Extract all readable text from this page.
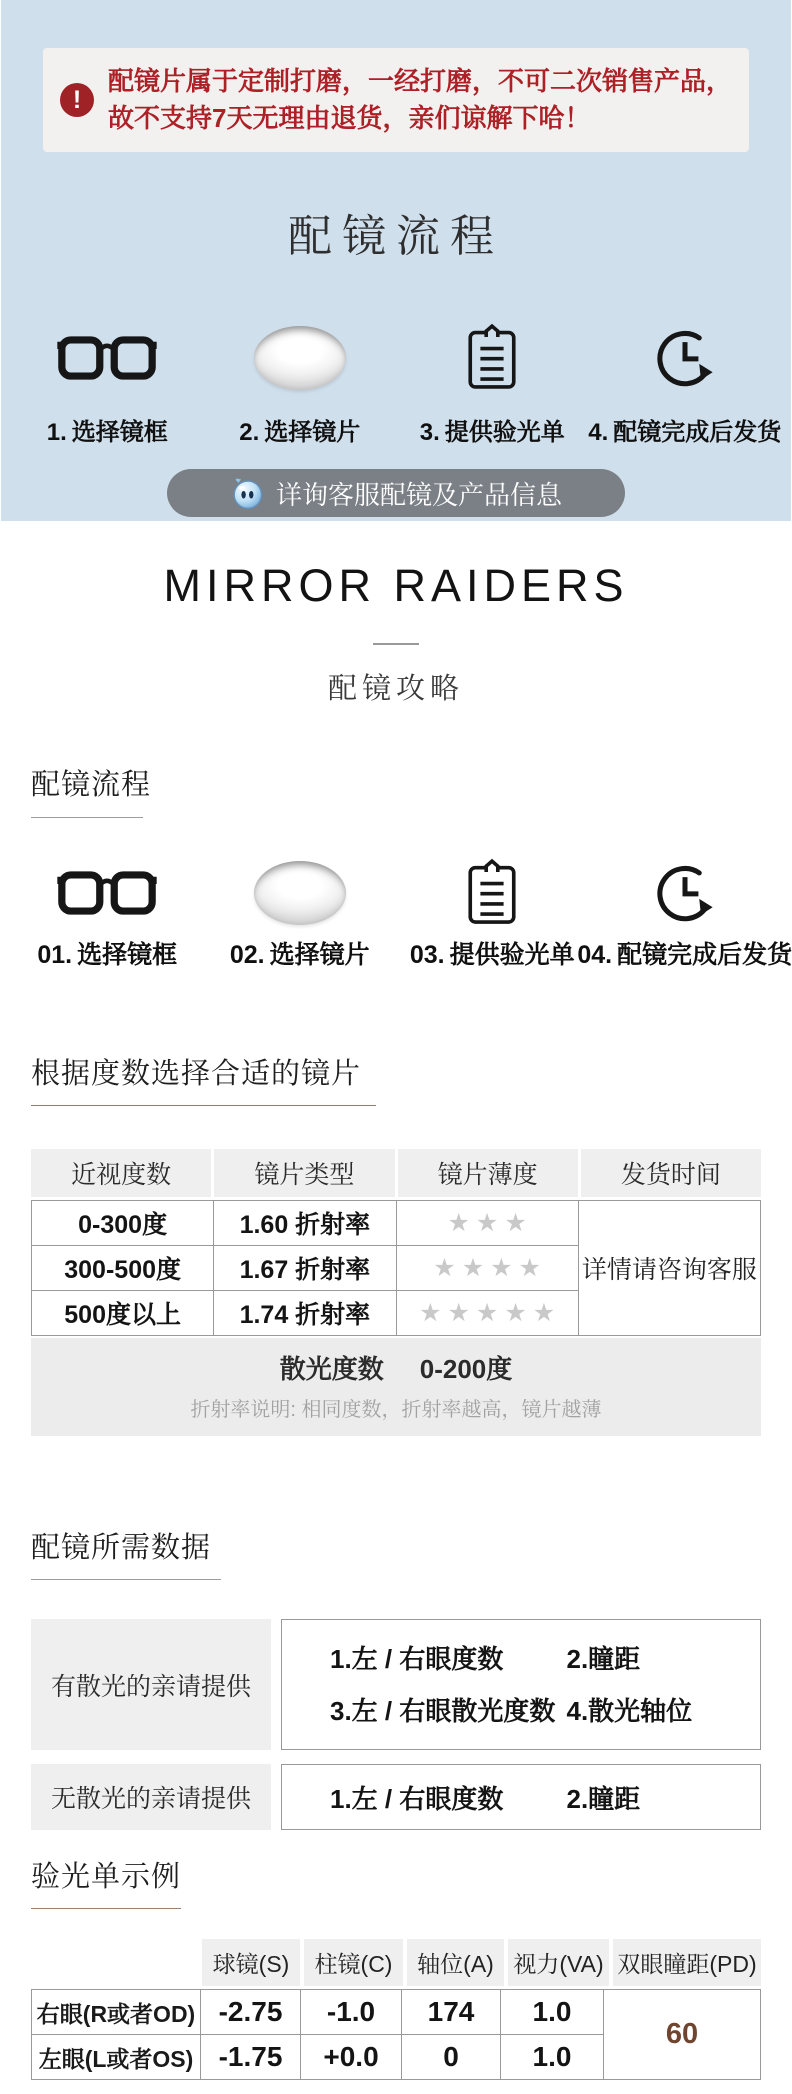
!
配镜片属于定制打磨，一经打磨，不可二次销售产品，
故不支持7天无理由退货，亲们谅解下哈！
配镜流程
1. 选择镜框	2. 选择镜片 3. 提供验光单 4. 配镜完成后发货
详询客服配镜及产品信息
MIRROR RAIDERS
配镜攻略
配镜流程
01. 选择镜框 02. 选择镜片 03. 提供验光单 04. 配镜完成后发货
根据度数选择合适的镜片
近视度数	镜片类型	镜片薄度	发货时间
0-300度	1.60 折射率	★★★	详情请咨询客服
300-500度	1.67 折射率	★★★★	
500度以上	1.74 折射率	★★★★★	
散光度数 0-200度
折射率说明: 相同度数，折射率越高，镜片越薄
配镜所需数据
有散光的亲请提供
1.左 / 右眼度数	2.瞳距
3.左 / 右眼散光度数 4.散光轴位
无散光的亲请提供	1.左 / 右眼度数	2.瞳距
验光单示例
球镜(S)	柱镜(C)	轴位(A) 视力(VA) 双眼瞳距(PD)
右眼(R或者OD)	-2.75	-1.0	174	1.0	60
左眼(L或者OS)	-1.75	+0.0	0	1.0	
